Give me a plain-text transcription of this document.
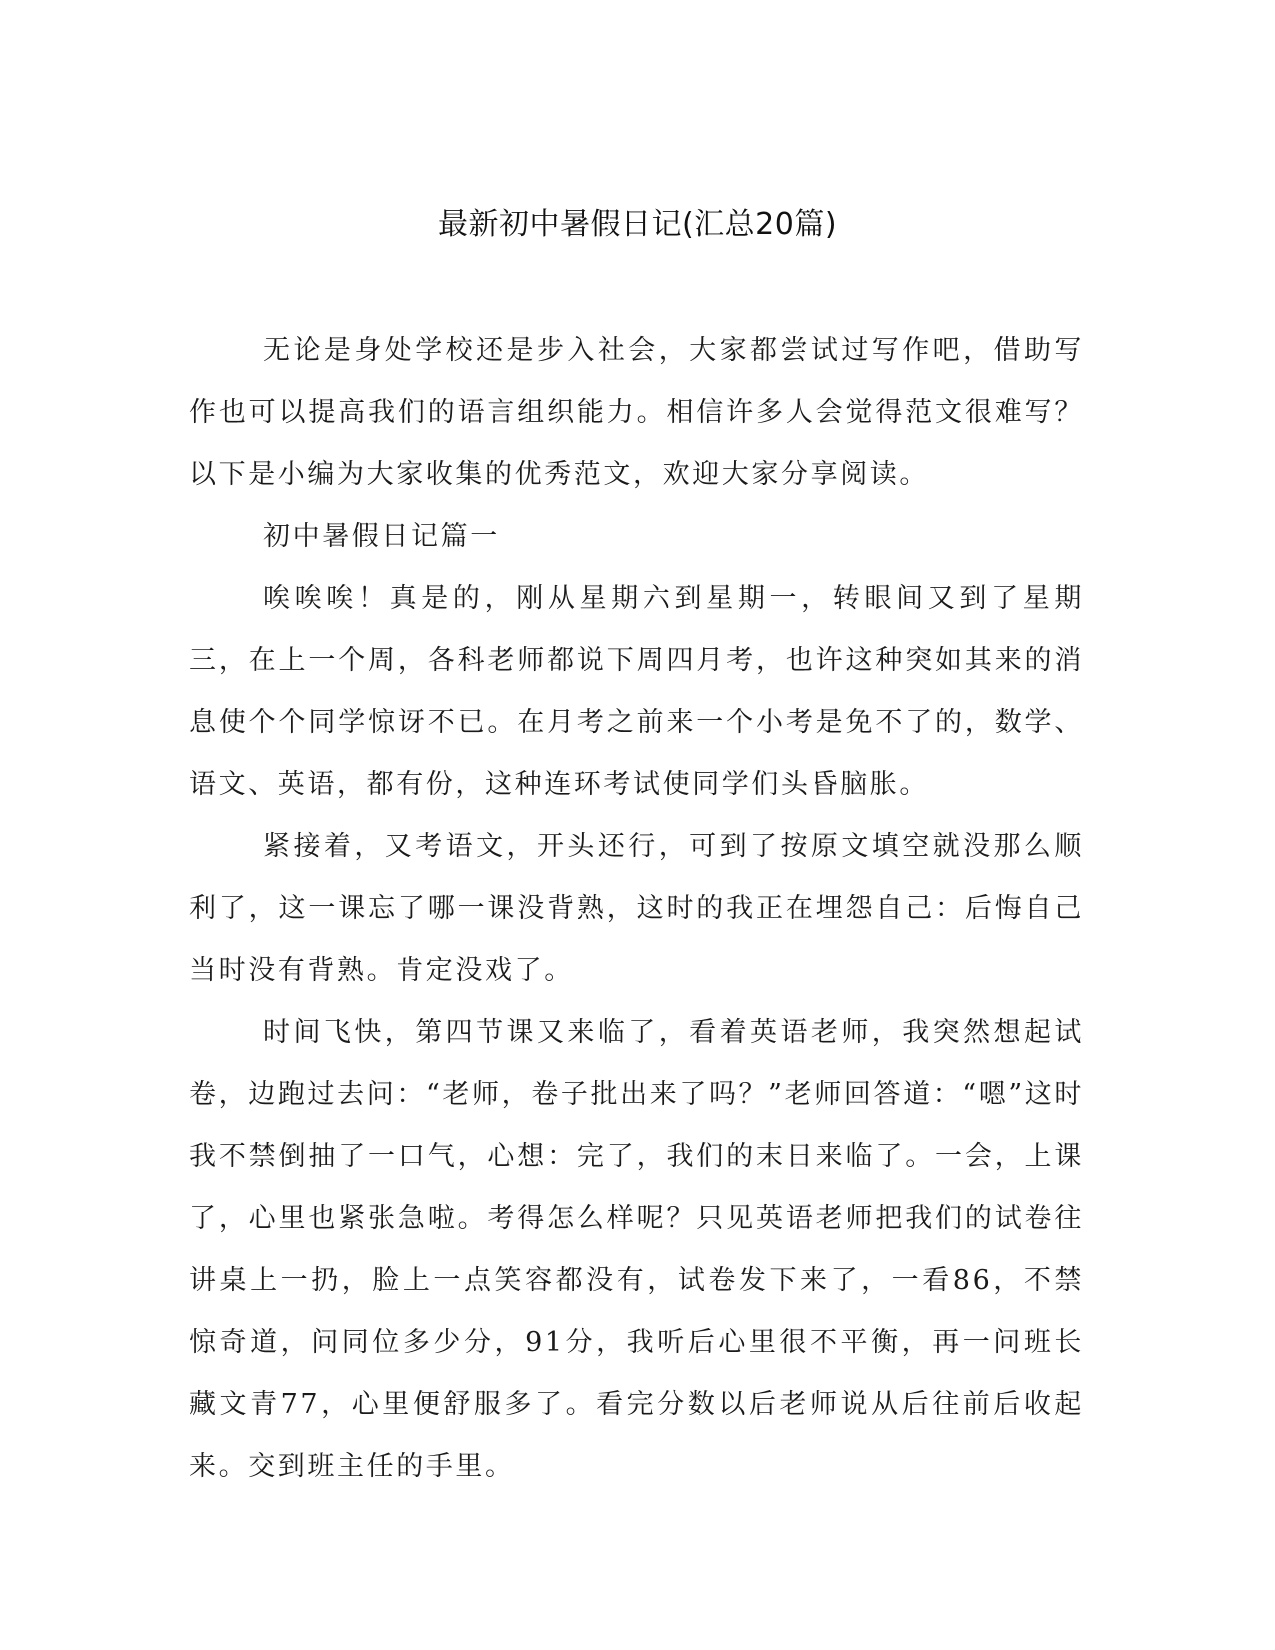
最新初中暑假日记(汇总20篇)

无论是身处学校还是步入社会，大家都尝试过写作吧，借助写作也可以提高我们的语言组织能力。相信许多人会觉得范文很难写？以下是小编为大家收集的优秀范文，欢迎大家分享阅读。

初中暑假日记篇一

唉唉唉！真是的，刚从星期六到星期一，转眼间又到了星期三，在上一个周，各科老师都说下周四月考，也许这种突如其来的消息使个个同学惊讶不已。在月考之前来一个小考是免不了的，数学、语文、英语，都有份，这种连环考试使同学们头昏脑胀。

紧接着，又考语文，开头还行，可到了按原文填空就没那么顺利了，这一课忘了哪一课没背熟，这时的我正在埋怨自己：后悔自己当时没有背熟。肯定没戏了。

时间飞快，第四节课又来临了，看着英语老师，我突然想起试卷，边跑过去问：“老师，卷子批出来了吗？”老师回答道：“嗯”这时我不禁倒抽了一口气，心想：完了，我们的末日来临了。一会，上课了，心里也紧张急啦。考得怎么样呢？只见英语老师把我们的试卷往讲桌上一扔，脸上一点笑容都没有，试卷发下来了，一看86，不禁惊奇道，问同位多少分，91分，我听后心里很不平衡，再一问班长藏文青77，心里便舒服多了。看完分数以后老师说从后往前后收起来。交到班主任的手里。
